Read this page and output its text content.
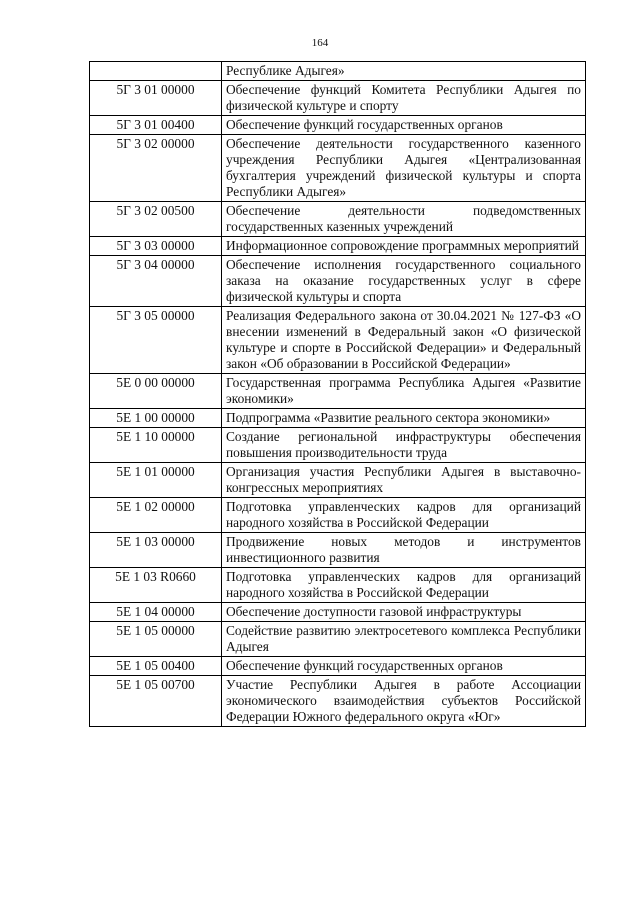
164
	Республике Адыгея»
5Г 3 01 00000	Обеспечение функций Комитета Республики Адыгея по физической культуре и спорту
5Г 3 01 00400	Обеспечение функций государственных органов
5Г 3 02 00000	Обеспечение деятельности государственного казенного учреждения Республики Адыгея «Централизованная бухгалтерия учреждений физической культуры и спорта Республики Адыгея»
5Г 3 02 00500	Обеспечение деятельности подведомственных государственных казенных учреждений
5Г 3 03 00000	Информационное сопровождение программных мероприятий
5Г 3 04 00000	Обеспечение исполнения государственного социального заказа на оказание государственных услуг в сфере физической культуры и спорта
5Г 3 05 00000	Реализация Федерального закона от 30.04.2021 № 127-ФЗ «О внесении изменений в Федеральный закон «О физической культуре и спорте в Российской Федерации» и Федеральный закон «Об образовании в Российской Федерации»
5Е 0 00 00000	Государственная программа Республика Адыгея «Развитие экономики»
5Е 1 00 00000	Подпрограмма «Развитие реального сектора экономики»
5Е 1 10 00000	Создание региональной инфраструктуры обеспечения повышения производительности труда
5Е 1 01 00000	Организация участия Республики Адыгея в выставочно-конгрессных мероприятиях
5Е 1 02 00000	Подготовка управленческих кадров для организаций народного хозяйства в Российской Федерации
5Е 1 03 00000	Продвижение новых методов и инструментов инвестиционного развития
5Е 1 03 R0660	Подготовка управленческих кадров для организаций народного хозяйства в Российской Федерации
5Е 1 04 00000	Обеспечение доступности газовой инфраструктуры
5Е 1 05 00000	Содействие развитию электросетевого комплекса Республики Адыгея
5Е 1 05 00400	Обеспечение функций государственных органов
5Е 1 05 00700	Участие Республики Адыгея в работе Ассоциации экономического взаимодействия субъектов Российской Федерации Южного федерального округа «Юг»
